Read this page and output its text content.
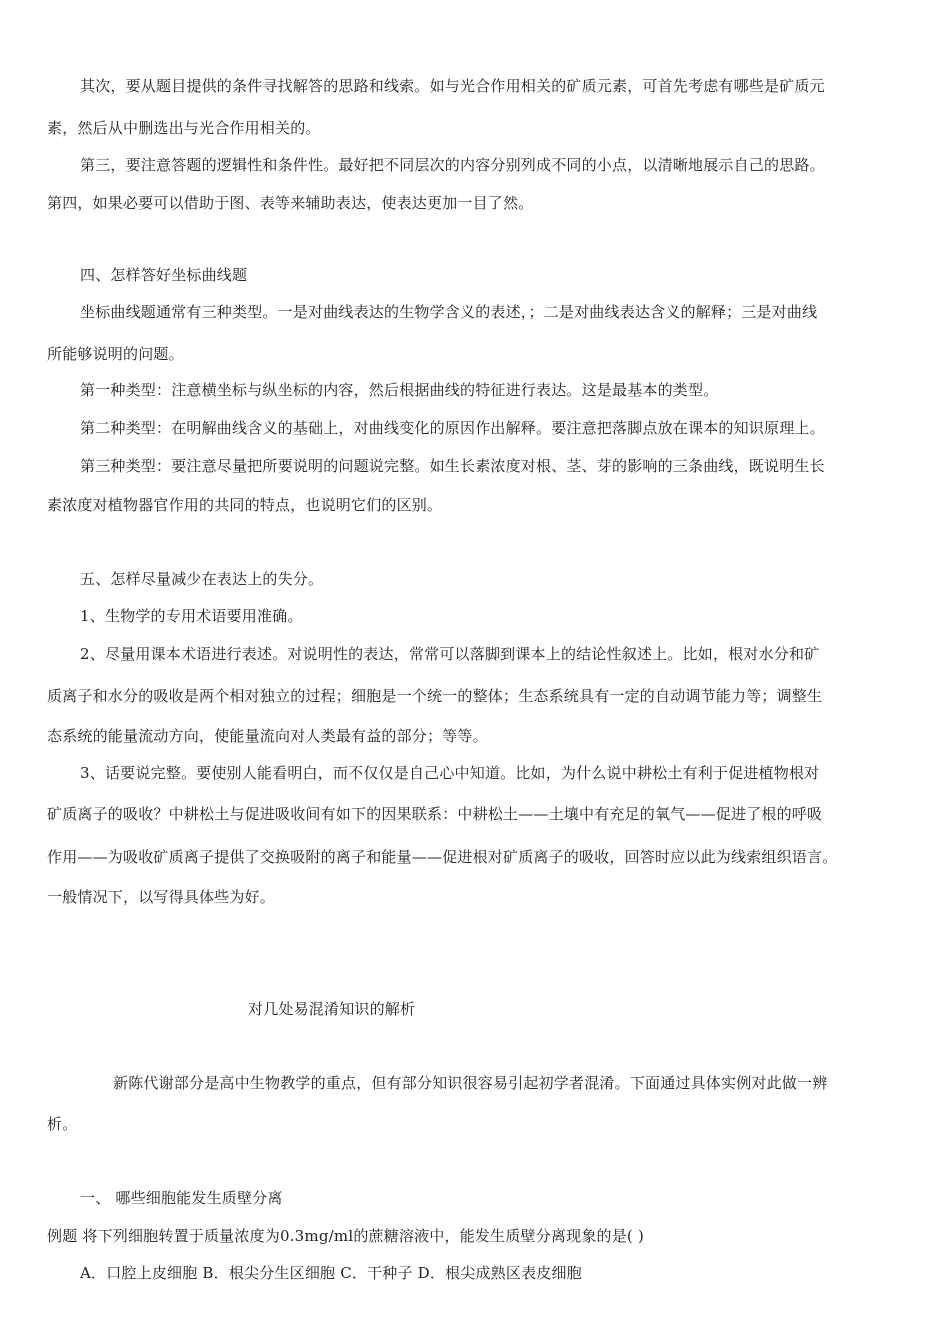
其次，要从题目提供的条件寻找解答的思路和线索。如与光合作用相关的矿质元素，可首先考虑有哪些是矿质元
素，然后从中删选出与光合作用相关的。
第三，要注意答题的逻辑性和条件性。最好把不同层次的内容分别列成不同的小点，以清晰地展示自己的思路。
第四，如果必要可以借助于图、表等来辅助表达，使表达更加一目了然。
四、怎样答好坐标曲线题
坐标曲线题通常有三种类型。一是对曲线表达的生物学含义的表述，；二是对曲线表达含义的解释；三是对曲线
所能够说明的问题。
第一种类型：注意横坐标与纵坐标的内容，然后根据曲线的特征进行表达。这是最基本的类型。
第二种类型：在明解曲线含义的基础上，对曲线变化的原因作出解释。要注意把落脚点放在课本的知识原理上。
第三种类型：要注意尽量把所要说明的问题说完整。如生长素浓度对根、茎、芽的影响的三条曲线，既说明生长
素浓度对植物器官作用的共同的特点，也说明它们的区别。
五、怎样尽量减少在表达上的失分。
1、生物学的专用术语要用准确。
2、尽量用课本术语进行表述。对说明性的表达，常常可以落脚到课本上的结论性叙述上。比如，根对水分和矿
质离子和水分的吸收是两个相对独立的过程；细胞是一个统一的整体；生态系统具有一定的自动调节能力等；调整生
态系统的能量流动方向，使能量流向对人类最有益的部分；等等。
3、话要说完整。要使别人能看明白，而不仅仅是自己心中知道。比如，为什么说中耕松土有利于促进植物根对
矿质离子的吸收？中耕松土与促进吸收间有如下的因果联系：中耕松土——土壤中有充足的氧气——促进了根的呼吸
作用——为吸收矿质离子提供了交换吸附的离子和能量——促进根对矿质离子的吸收，回答时应以此为线索组织语言。
一般情况下，以写得具体些为好。
对几处易混淆知识的解析
新陈代谢部分是高中生物教学的重点，但有部分知识很容易引起初学者混淆。下面通过具体实例对此做一辨
析。
一、 哪些细胞能发生质壁分离
例题 将下列细胞转置于质量浓度为0.3mg/ml的蔗糖溶液中，能发生质壁分离现象的是( )
A．口腔上皮细胞 B．根尖分生区细胞 C．干种子 D．根尖成熟区表皮细胞
